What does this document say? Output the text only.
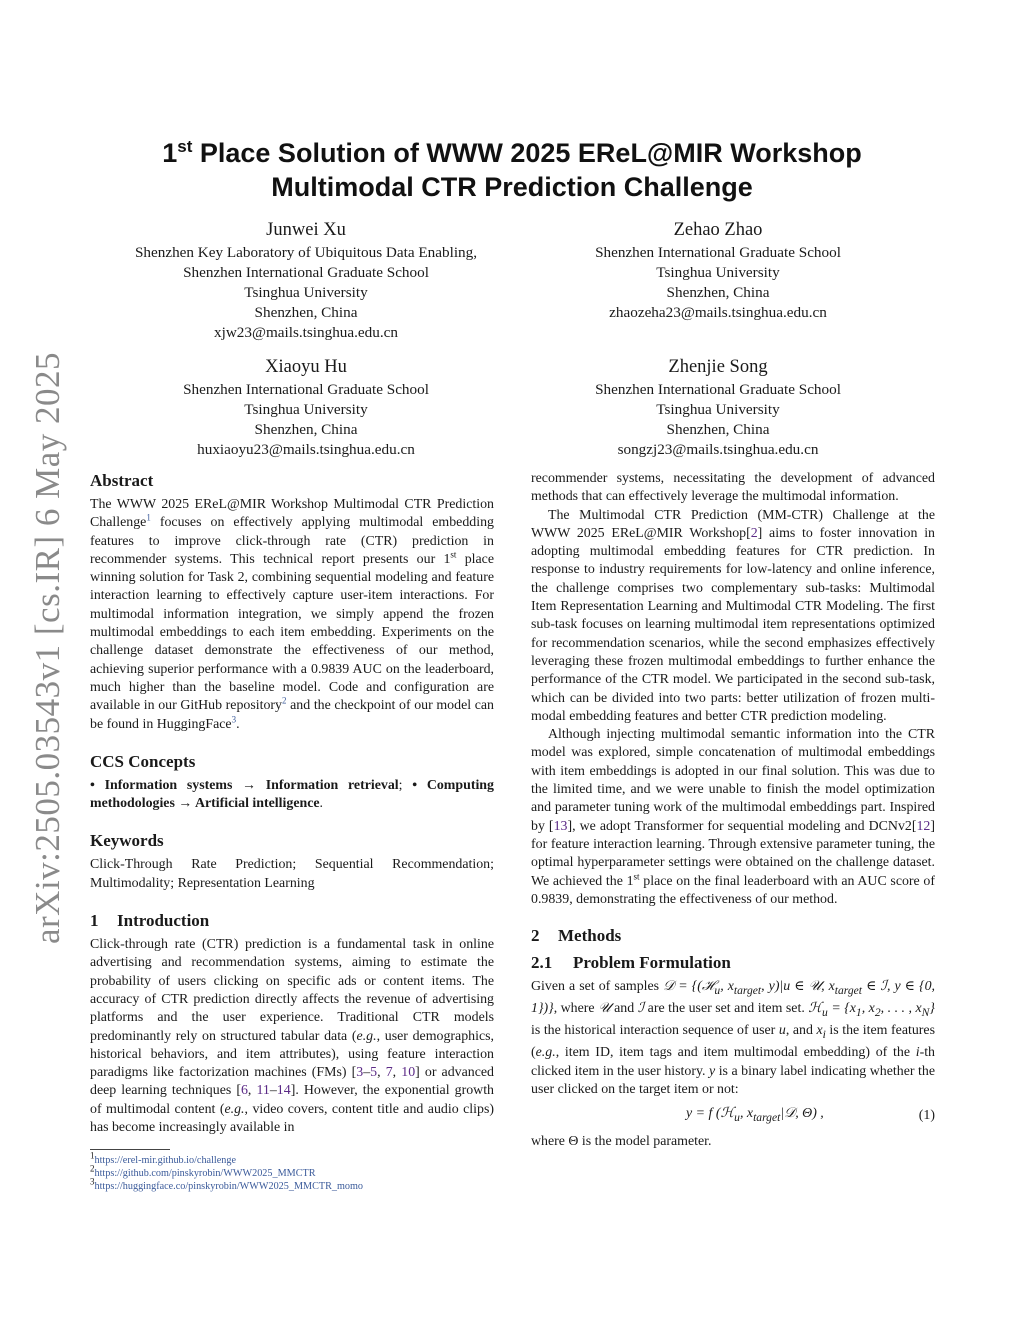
arXiv:2505.03543v1 [cs.IR] 6 May 2025
1st Place Solution of WWW 2025 EReL@MIR Workshop
Multimodal CTR Prediction Challenge
Junwei Xu
Shenzhen Key Laboratory of Ubiquitous Data Enabling,
Shenzhen International Graduate School
Tsinghua University
Shenzhen, China
xjw23@mails.tsinghua.edu.cn
Zehao Zhao
Shenzhen International Graduate School
Tsinghua University
Shenzhen, China
zhaozeha23@mails.tsinghua.edu.cn
Xiaoyu Hu
Shenzhen International Graduate School
Tsinghua University
Shenzhen, China
huxiaoyu23@mails.tsinghua.edu.cn
Zhenjie Song
Shenzhen International Graduate School
Tsinghua University
Shenzhen, China
songzj23@mails.tsinghua.edu.cn
Abstract

The WWW 2025 EReL@MIR Workshop Multimodal CTR Prediction Challenge$^1$ focuses on effectively applying multimodal embedding features to improve click-through rate (CTR) prediction in recommender systems. This technical report presents our 1st place winning solution for Task 2, combining sequential modeling and feature interaction learning to effectively capture user-item interactions. For multimodal information integration, we simply append the frozen multimodal embeddings to each item embedding. Experiments on the challenge dataset demonstrate the effectiveness of our method, achieving superior performance with a 0.9839 AUC on the leaderboard, much higher than the baseline model. Code and configuration are available in our GitHub repository$^2$ and the checkpoint of our model can be found in HuggingFace$^3$.

CCS Concepts

• Information systems → Information retrieval; • Computing methodologies → Artificial intelligence.

Keywords

Click-Through Rate Prediction; Sequential Recommendation; Multimodality; Representation Learning

1 Introduction

Click-through rate (CTR) prediction is a fundamental task in online advertising and recommendation systems, aiming to estimate the probability of users clicking on specific ads or content items. The accuracy of CTR prediction directly affects the revenue of advertising platforms and the user experience. Traditional CTR models predominantly rely on structured tabular data (e.g., user demographics, historical behaviors, and item attributes), using feature interaction paradigms like factorization machines (FMs) [3–5, 7, 10] or advanced deep learning techniques [6, 11–14]. However, the exponential growth of multimodal content (e.g., video covers, content title and audio clips) has become increasingly available in

$^1$https://erel-mir.github.io/challenge
$^2$https://github.com/pinskyrobin/WWW2025_MMCTR
$^3$https://huggingface.co/pinskyrobin/WWW2025_MMCTR_momo

recommender systems, necessitating the development of advanced methods that can effectively leverage the multimodal information.

The Multimodal CTR Prediction (MM-CTR) Challenge at the WWW 2025 EReL@MIR Workshop[2] aims to foster innovation in adopting multimodal embedding features for CTR prediction. In response to industry requirements for low-latency and online inference, the challenge comprises two complementary sub-tasks: Multimodal Item Representation Learning and Multimodal CTR Modeling. The first sub-task focuses on learning multimodal item representations optimized for recommendation scenarios, while the second emphasizes effectively leveraging these frozen multimodal embeddings to further enhance the performance of the CTR model. We participated in the second sub-task, which can be divided into two parts: better utilization of frozen multi-modal embedding features and better CTR prediction modeling.

Although injecting multimodal semantic information into the CTR model was explored, simple concatenation of multimodal embeddings with item embeddings is adopted in our final solution. This was due to the limited time, and we were unable to finish the model optimization and parameter tuning work of the multimodal embeddings part. Inspired by [13], we adopt Transformer for sequential modeling and DCNv2[12] for feature interaction learning. Through extensive parameter tuning, the optimal hyperparameter settings were obtained on the challenge dataset. We achieved the 1st place on the final leaderboard with an AUC score of 0.9839, demonstrating the effectiveness of our method.

2 Methods
2.1 Problem Formulation

Given a set of samples 𝒟 = {(ℋ$_u$, $x_{target}$, y)|u ∈ 𝒰, $x_{target}$ ∈ ℐ, y ∈ {0, 1})}, where 𝒰 and ℐ are the user set and item set. ℋ$_u$ = {$x_1$, $x_2$, . . . , $x_N$} is the historical interaction sequence of user u, and $x_i$ is the item features (e.g., item ID, item tags and item multimodal embedding) of the i-th clicked item in the user history. y is a binary label indicating whether the user clicked on the target item or not:

y = f (ℋ$_u$, $x_{target}|𝒟$, Θ) ,	(1)

where Θ is the model parameter.
